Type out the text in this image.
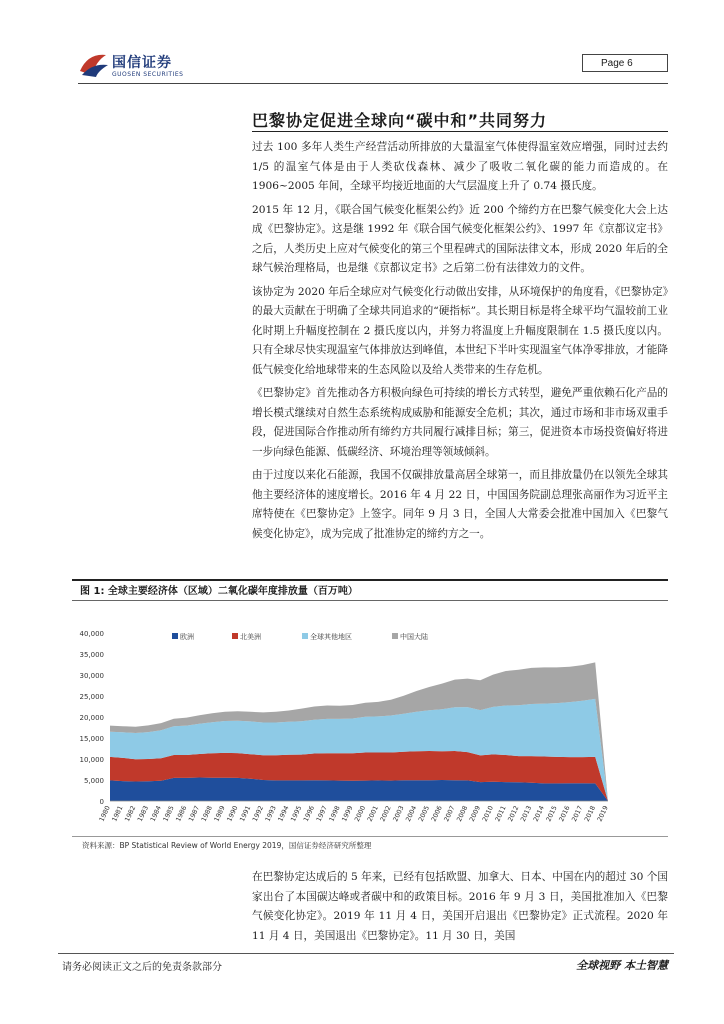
国信证券
GUOSEN SECURITIES
Page 6
巴黎协定促进全球向“碳中和”共同努力

过去 100 多年人类生产经营活动所排放的大量温室气体使得温室效应增强，同时过去约 1/5 的温室气体是由于人类砍伐森林、减少了吸收二氧化碳的能力而造成的。在 1906~2005 年间，全球平均接近地面的大气层温度上升了 0.74 摄氏度。

2015 年 12 月，《联合国气候变化框架公约》近 200 个缔约方在巴黎气候变化大会上达成《巴黎协定》。这是继 1992 年《联合国气候变化框架公约》、1997 年《京都议定书》之后，人类历史上应对气候变化的第三个里程碑式的国际法律文本，形成 2020 年后的全球气候治理格局，也是继《京都议定书》之后第二份有法律效力的文件。

该协定为 2020 年后全球应对气候变化行动做出安排，从环境保护的角度看，《巴黎协定》的最大贡献在于明确了全球共同追求的“硬指标”。其长期目标是将全球平均气温较前工业化时期上升幅度控制在 2 摄氏度以内，并努力将温度上升幅度限制在 1.5 摄氏度以内。只有全球尽快实现温室气体排放达到峰值，本世纪下半叶实现温室气体净零排放，才能降低气候变化给地球带来的生态风险以及给人类带来的生存危机。

《巴黎协定》首先推动各方积极向绿色可持续的增长方式转型，避免严重依赖石化产品的增长模式继续对自然生态系统构成威胁和能源安全危机；其次，通过市场和非市场双重手段，促进国际合作推动所有缔约方共同履行减排目标；第三，促进资本市场投资偏好将进一步向绿色能源、低碳经济、环境治理等领域倾斜。

由于过度以来化石能源，我国不仅碳排放量高居全球第一，而且排放量仍在以领先全球其他主要经济体的速度增长。2016 年 4 月 22 日，中国国务院副总理张高丽作为习近平主席特使在《巴黎协定》上签字。同年 9 月 3 日，全国人大常委会批准中国加入《巴黎气候变化协定》，成为完成了批准协定的缔约方之一。

图 1: 全球主要经济体（区域）二氧化碳年度排放量（百万吨）
40,000
35,000
30,000
25,000
20,000
15,000
10,000
5,000
0
1980
1981
1982
1983
1984
1985
1986
1987
1988
1989
1990
1991
1992
1993
1994
1995
1996
1997
1998
1999
2000
2001
2002
2003
2004
2005
2006
2007
2008
2009
2010
2011
2012
2013
2014
2015
2016
2017
2018
2019
欧洲	北美洲	全球其他地区	中国大陆
资料来源：BP Statistical Review of World Energy 2019，国信证券经济研究所整理

在巴黎协定达成后的 5 年来，已经有包括欧盟、加拿大、日本、中国在内的超过 30 个国家出台了本国碳达峰或者碳中和的政策目标。2016 年 9 月 3 日，美国批准加入《巴黎气候变化协定》。2019 年 11 月 4 日，美国开启退出《巴黎协定》正式流程。2020 年 11 月 4 日，美国退出《巴黎协定》。11 月 30 日，美国

请务必阅读正文之后的免责条款部分	全球视野 本土智慧
